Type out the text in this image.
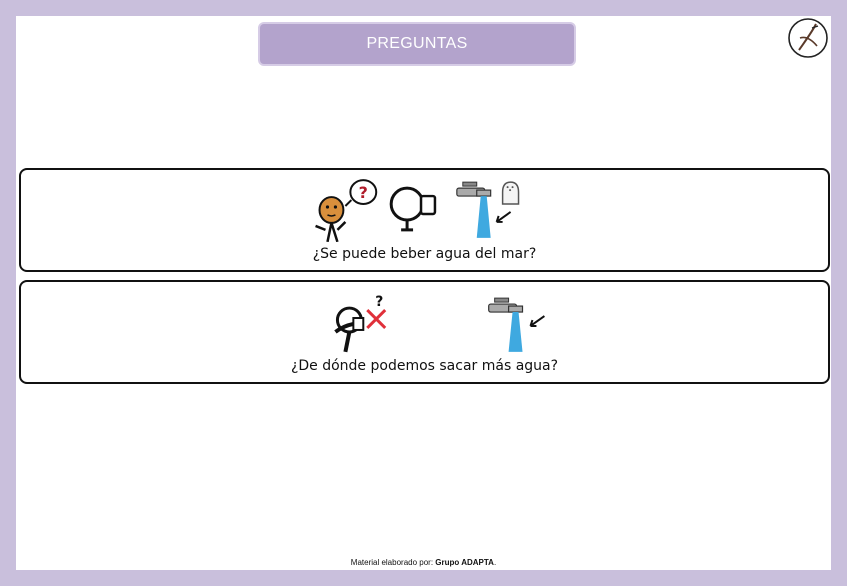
PREGUNTAS
?
¿Se puede beber agua del mar?
?
¿De dónde podemos sacar más agua?
Material elaborado por: Grupo ADAPTA.
